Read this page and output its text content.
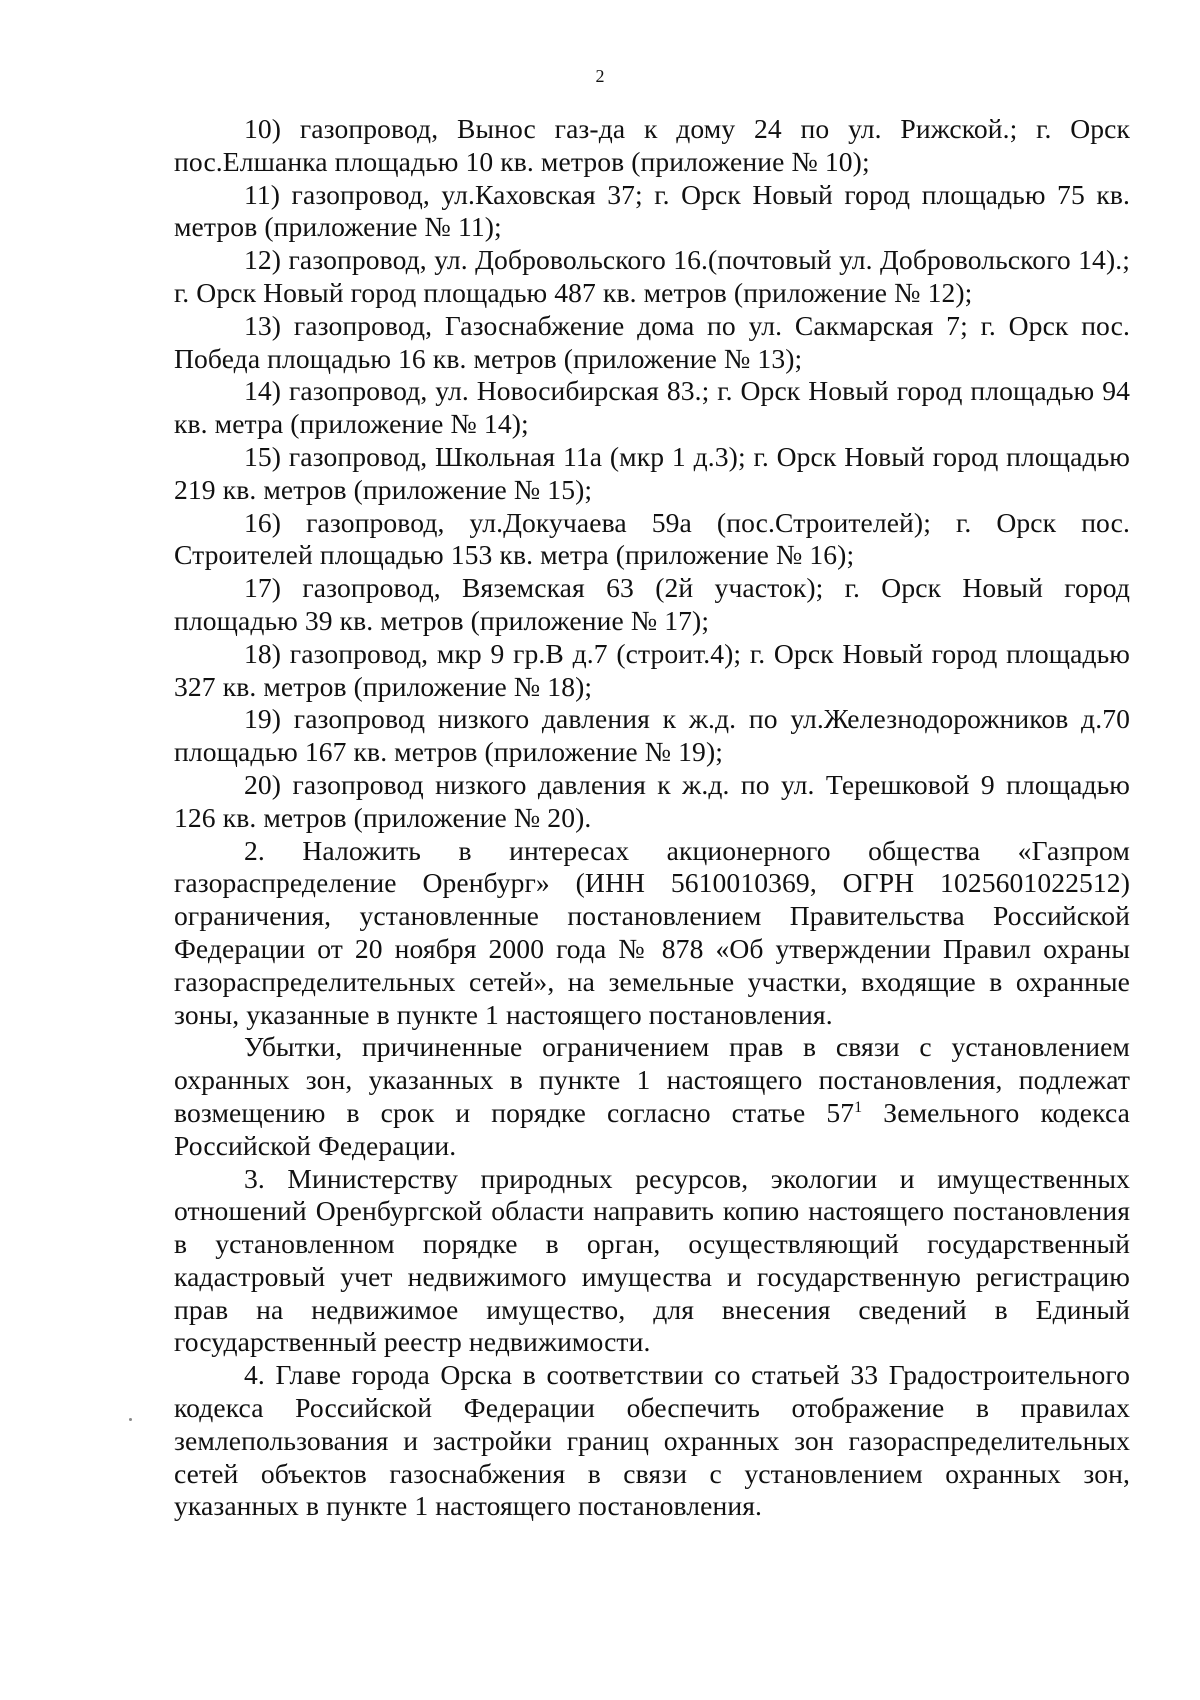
2

10) газопровод, Вынос газ-да к дому 24 по ул. Рижской.; г. Орск пос.Елшанка площадью 10 кв. метров (приложение № 10);

11) газопровод, ул.Каховская 37; г. Орск Новый город площадью 75 кв. метров (приложение № 11);

12) газопровод, ул. Добровольского 16.(почтовый ул. Добровольского 14).; г. Орск Новый город площадью 487 кв. метров (приложение № 12);

13) газопровод, Газоснабжение дома по ул. Сакмарская 7; г. Орск пос. Победа площадью 16 кв. метров (приложение № 13);

14) газопровод, ул. Новосибирская 83.; г. Орск Новый город площадью 94 кв. метра (приложение № 14);

15) газопровод, Школьная 11а (мкр 1 д.3); г. Орск Новый город площадью 219 кв. метров (приложение № 15);

16) газопровод, ул.Докучаева 59а (пос.Строителей); г. Орск пос. Строителей площадью 153 кв. метра (приложение № 16);

17) газопровод, Вяземская 63 (2й участок); г. Орск Новый город площадью 39 кв. метров (приложение № 17);

18) газопровод, мкр 9 гр.В д.7 (строит.4); г. Орск Новый город площадью 327 кв. метров (приложение № 18);

19) газопровод низкого давления к ж.д. по ул.Железнодорожников д.70 площадью 167 кв. метров (приложение № 19);

20) газопровод низкого давления к ж.д. по ул. Терешковой 9 площадью 126 кв. метров (приложение № 20).

2. Наложить в интересах акционерного общества «Газпром газораспределение Оренбург» (ИНН 5610010369, ОГРН 1025601022512) ограничения, установленные постановлением Правительства Российской Федерации от 20 ноября 2000 года № 878 «Об утверждении Правил охраны газораспределительных сетей», на земельные участки, входящие в охранные зоны, указанные в пункте 1 настоящего постановления.

Убытки, причиненные ограничением прав в связи с установлением охранных зон, указанных в пункте 1 настоящего постановления, подлежат возмещению в срок и порядке согласно статье $57^1$ Земельного кодекса Российской Федерации.

3. Министерству природных ресурсов, экологии и имущественных отношений Оренбургской области направить копию настоящего постановления в установленном порядке в орган, осуществляющий государственный кадастровый учет недвижимого имущества и государственную регистрацию прав на недвижимое имущество, для внесения сведений в Единый государственный реестр недвижимости.

4. Главе города Орска в соответствии со статьей 33 Градостроительного кодекса Российской Федерации обеспечить отображение в правилах землепользования и застройки границ охранных зон газораспределительных сетей объектов газоснабжения в связи с установлением охранных зон, указанных в пункте 1 настоящего постановления.
